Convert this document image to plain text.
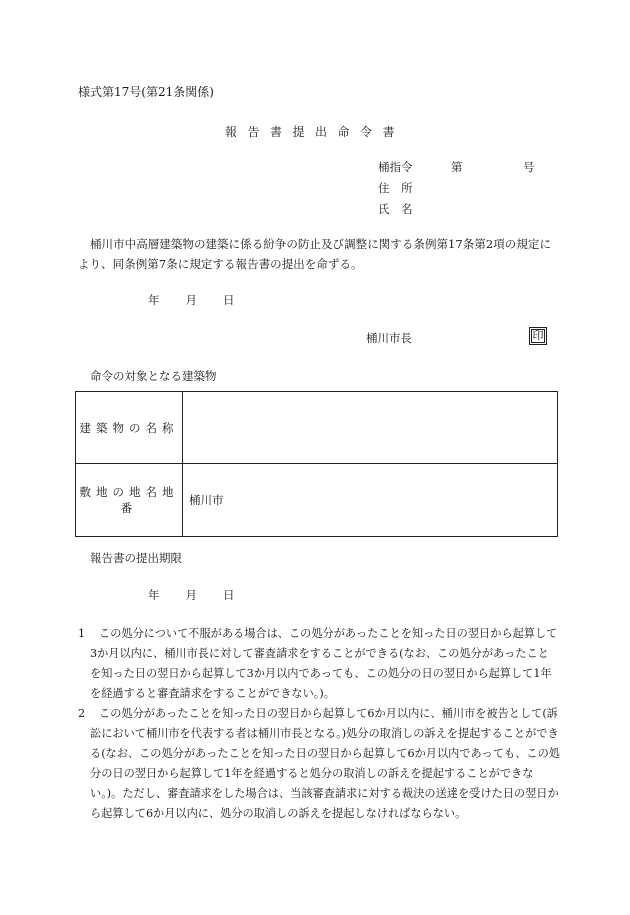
様式第17号(第21条関係)
報告書提出命令書
桶指令	第	号
住　所
氏　名

桶川市中高層建築物の建築に係る紛争の防止及び調整に関する条例第17条第2項の規定により、同条例第7条に規定する報告書の提出を命ずる。

年 月 日
桶川市長	印
命令の対象となる建築物
建築物の名称	
敷地の地名地番	桶川市
報告書の提出期限
年 月 日
1	この処分について不服がある場合は、この処分があったことを知った日の翌日から起算して3か月以内に、桶川市長に対して審査請求をすることができる(なお、この処分があったことを知った日の翌日から起算して3か月以内であっても、この処分の日の翌日から起算して1年を経過すると審査請求をすることができない。)。
2	この処分があったことを知った日の翌日から起算して6か月以内に、桶川市を被告として(訴訟において桶川市を代表する者は桶川市長となる。)処分の取消しの訴えを提起することができる(なお、この処分があったことを知った日の翌日から起算して6か月以内であっても、この処分の日の翌日から起算して1年を経過すると処分の取消しの訴えを提起することができない。)。ただし、審査請求をした場合は、当該審査請求に対する裁決の送達を受けた日の翌日から起算して6か月以内に、処分の取消しの訴えを提起しなければならない。
